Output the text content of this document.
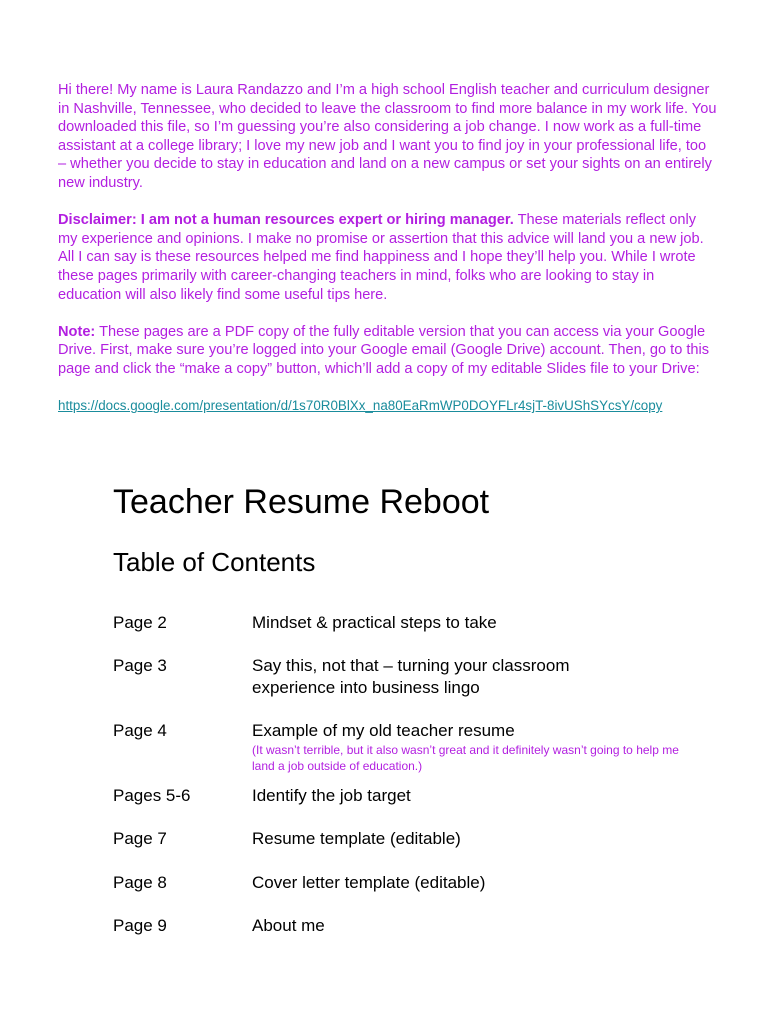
Hi there! My name is Laura Randazzo and I’m a high school English teacher and curriculum designer in Nashville, Tennessee, who decided to leave the classroom to find more balance in my work life. You downloaded this file, so I’m guessing you’re also considering a job change. I now work as a full-time assistant at a college library; I love my new job and I want you to find joy in your professional life, too – whether you decide to stay in education and land on a new campus or set your sights on an entirely new industry.

Disclaimer: I am not a human resources expert or hiring manager. These materials reflect only my experience and opinions. I make no promise or assertion that this advice will land you a new job. All I can say is these resources helped me find happiness and I hope they’ll help you. While I wrote these pages primarily with career-changing teachers in mind, folks who are looking to stay in education will also likely find some useful tips here.

Note: These pages are a PDF copy of the fully editable version that you can access via your Google Drive. First, make sure you’re logged into your Google email (Google Drive) account. Then, go to this page and click the “make a copy” button, which’ll add a copy of my editable Slides file to your Drive:

https://docs.google.com/presentation/d/1s70R0BlXx_na80EaRmWP0DOYFLr4sjT-8ivUShSYcsY/copy
Teacher Resume Reboot
Table of Contents
Page 2	Mindset & practical steps to take
Page 3	Say this, not that – turning your classroom experience into business lingo
Page 4	Example of my old teacher resume
(It wasn’t terrible, but it also wasn’t great and it definitely wasn’t going to help me land a job outside of education.)
Pages 5-6	Identify the job target
Page 7	Resume template (editable)
Page 8	Cover letter template (editable)
Page 9	About me
